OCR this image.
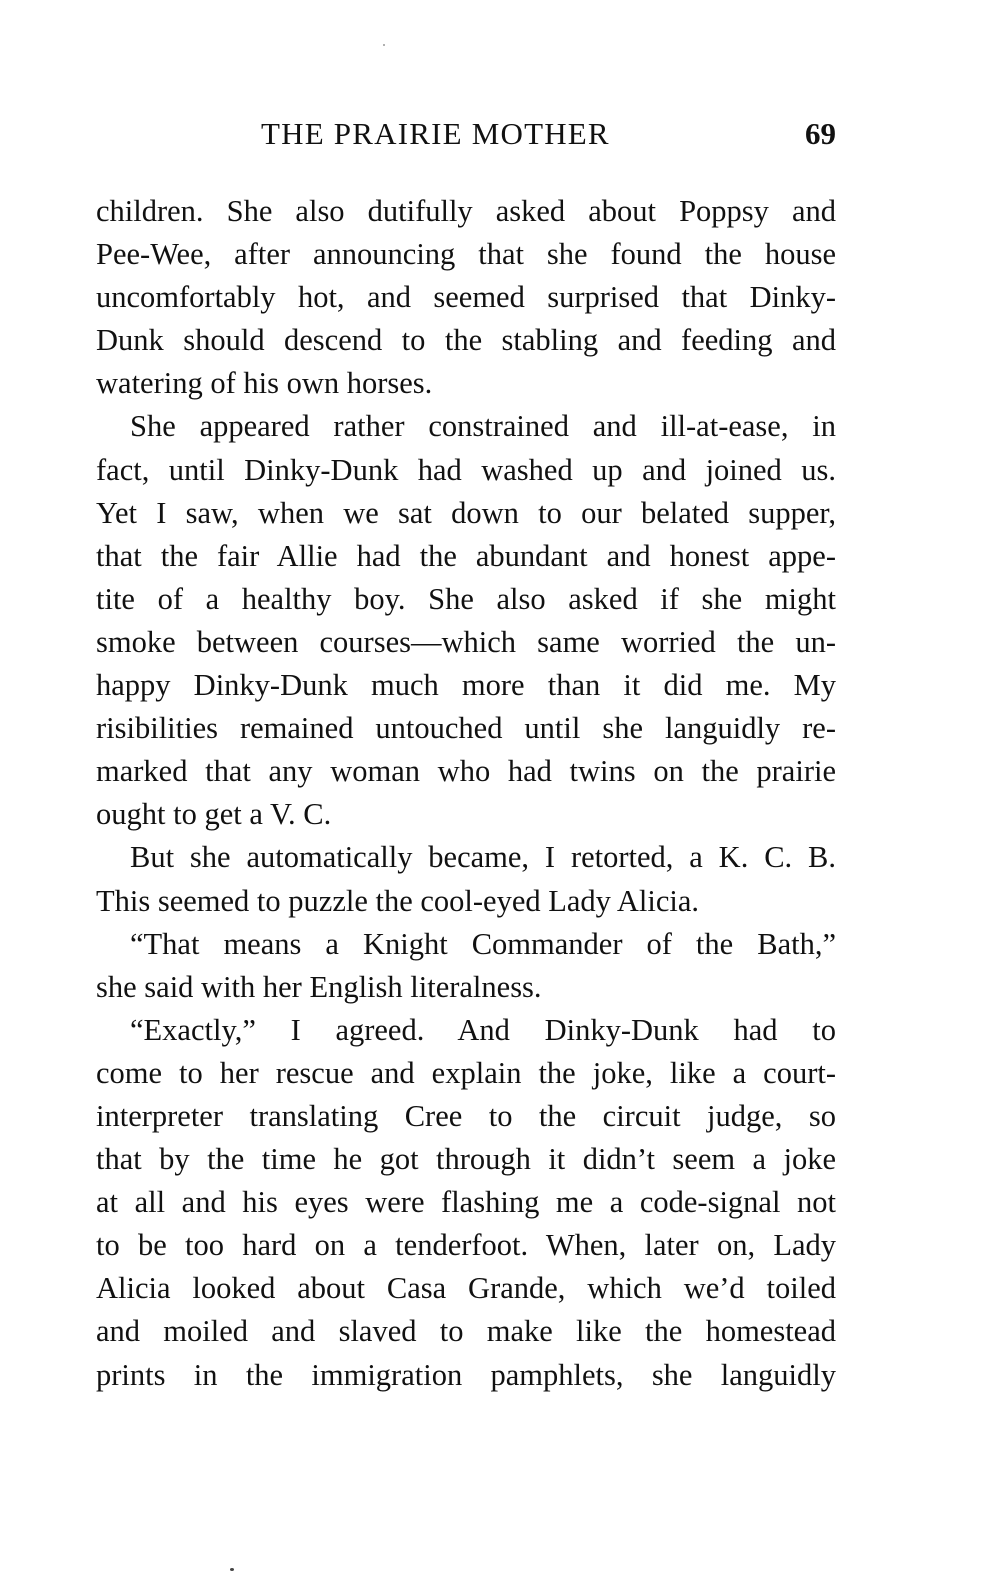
THE PRAIRIE MOTHER	69
children. She also dutifully asked about Poppsy and
Pee-Wee, after announcing that she found the house
uncomfortably hot, and seemed surprised that Dinky-
Dunk should descend to the stabling and feeding and
watering of his own horses.
She appeared rather constrained and ill-at-ease, in
fact, until Dinky-Dunk had washed up and joined us.
Yet I saw, when we sat down to our belated supper,
that the fair Allie had the abundant and honest appe-
tite of a healthy boy. She also asked if she might
smoke between courses—which same worried the un-
happy Dinky-Dunk much more than it did me. My
risibilities remained untouched until she languidly re-
marked that any woman who had twins on the prairie
ought to get a V. C.
But she automatically became, I retorted, a K. C. B.
This seemed to puzzle the cool-eyed Lady Alicia.
“That means a Knight Commander of the Bath,”
she said with her English literalness.
“Exactly,” I agreed. And Dinky-Dunk had to
come to her rescue and explain the joke, like a court-
interpreter translating Cree to the circuit judge, so
that by the time he got through it didn’t seem a joke
at all and his eyes were flashing me a code-signal not
to be too hard on a tenderfoot. When, later on, Lady
Alicia looked about Casa Grande, which we’d toiled
and moiled and slaved to make like the homestead
prints in the immigration pamphlets, she languidly
